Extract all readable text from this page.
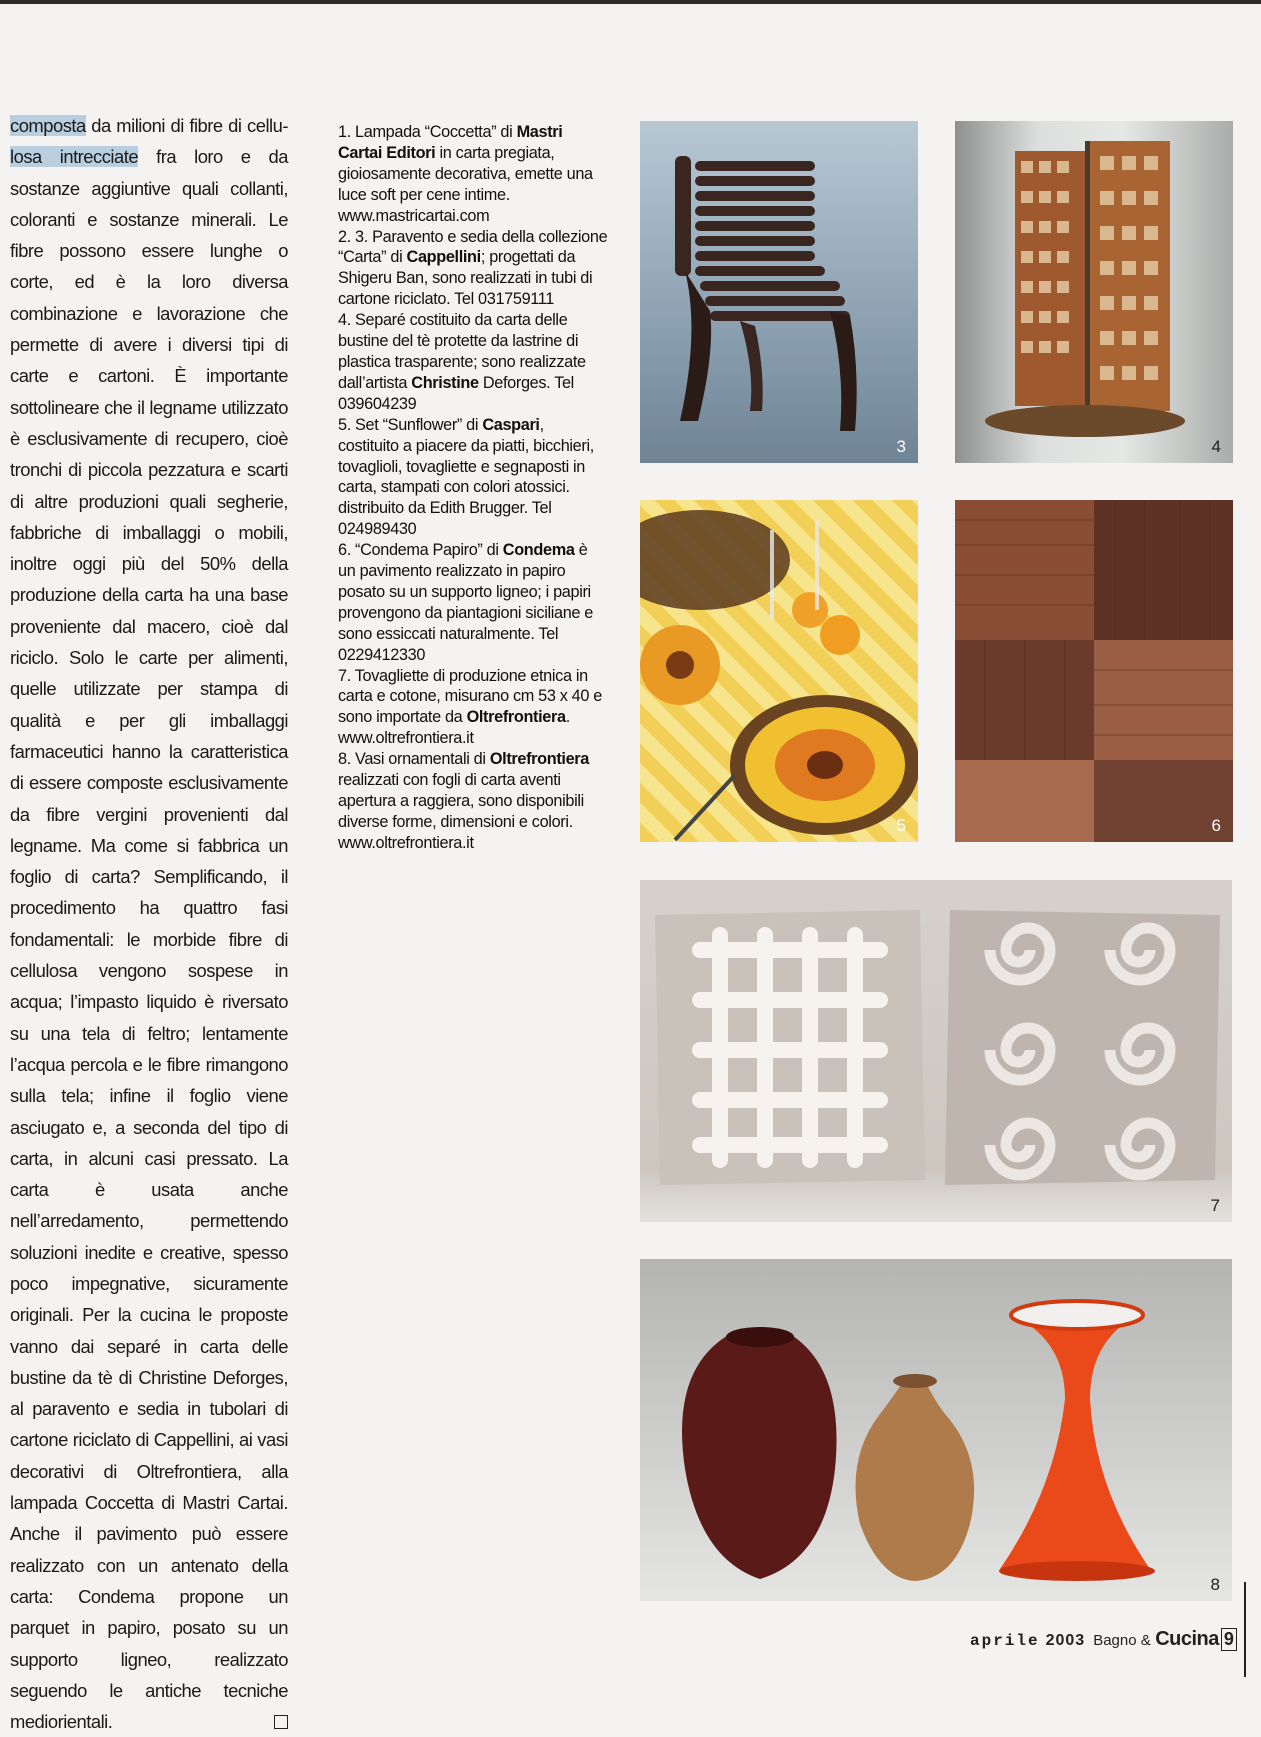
composta da milioni di fibre di cellu-losa intrecciate fra loro e da sostanze aggiuntive quali collanti, coloranti e sostanze minerali. Le fibre possono essere lunghe o corte, ed è la loro diversa combinazione e lavorazione che permette di avere i diversi tipi di carte e cartoni. È importante sottolineare che il legname utilizzato è esclusivamente di recupero, cioè tronchi di piccola pezzatura e scarti di altre produzioni quali segherie, fabbriche di imballaggi o mobili, inoltre oggi più del 50% della produzione della carta ha una base proveniente dal macero, cioè dal riciclo. Solo le carte per alimenti, quelle utilizzate per stampa di qualità e per gli imballaggi farmaceutici hanno la caratteristica di essere composte esclusivamente da fibre vergini provenienti dal legname. Ma come si fabbrica un foglio di carta? Semplificando, il procedimento ha quattro fasi fondamentali: le morbide fibre di cellulosa vengono sospese in acqua; l’impasto liquido è riversato su una tela di feltro; lentamente l’acqua percola e le fibre rimangono sulla tela; infine il foglio viene asciugato e, a seconda del tipo di carta, in alcuni casi pressato. La carta è usata anche nell’arredamento, permettendo soluzioni inedite e creative, spesso poco impegnative, sicuramente originali. Per la cucina le proposte vanno dai separé in carta delle bustine da tè di Christine Deforges, al paravento e sedia in tubolari di cartone riciclato di Cappellini, ai vasi decorativi di Oltrefrontiera, alla lampada Coccetta di Mastri Cartai. Anche il pavimento può essere realizzato con un antenato della carta: Condema propone un parquet in papiro, posato su un supporto ligneo, realizzato seguendo le antiche tecniche mediorientali.

1. Lampada “Coccetta” di Mastri Cartai Editori in carta pregiata, gioiosamente decorativa, emette una luce soft per cene intime. www.mastricartai.com

2. 3. Paravento e sedia della collezione “Carta” di Cappellini; progettati da Shigeru Ban, sono realizzati in tubi di cartone riciclato. Tel 031759111

4. Separé costituito da carta delle bustine del tè protette da lastrine di plastica trasparente; sono realizzate dall’artista Christine Deforges. Tel 039604239

5. Set “Sunflower” di Caspari, costituito a piacere da piatti, bicchieri, tovaglioli, tovagliette e segnaposti in carta, stampati con colori atossici. distribuito da Edith Brugger. Tel 024989430

6. “Condema Papiro” di Condema è un pavimento realizzato in papiro posato su un supporto ligneo; i papiri provengono da piantagioni siciliane e sono essiccati naturalmente. Tel 0229412330

7. Tovagliette di produzione etnica in carta e cotone, misurano cm 53 x 40 e sono importate da Oltrefrontiera. www.oltrefrontiera.it

8. Vasi ornamentali di Oltrefrontiera realizzati con fogli di carta aventi apertura a raggiera, sono disponibili diverse forme, dimensioni e colori. www.oltrefrontiera.it

3	4
5	6
7
8
aprile 2003 Bagno & Cucina 9
